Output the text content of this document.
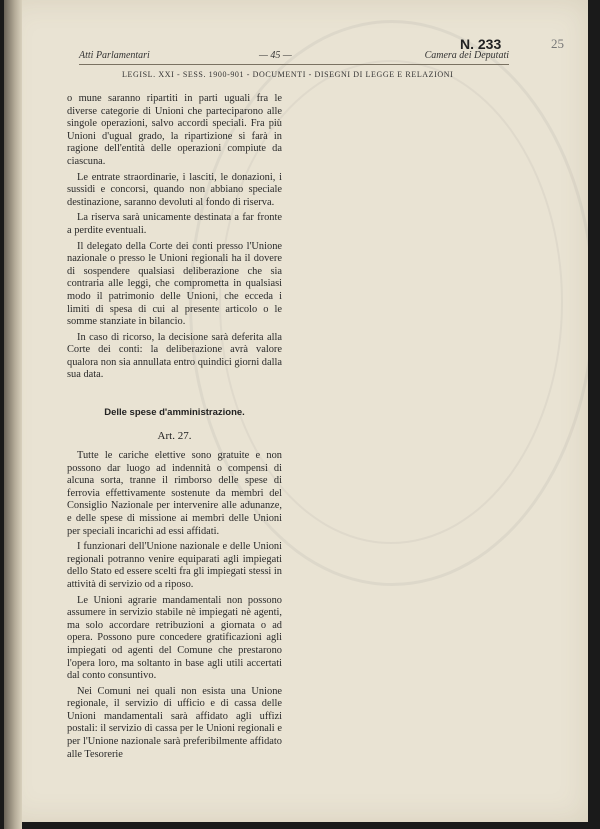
Atti Parlamentari	— 45 —	Camera dei Deputati
N. 233	25
LEGISL. XXI - SESS. 1900-901 - DOCUMENTI - DISEGNI DI LEGGE E RELAZIONI

o mune saranno ripartiti in parti uguali fra le diverse categorie di Unioni che parteciparono alle singole operazioni, salvo accordi speciali. Fra più Unioni d'ugual grado, la ripartizione si farà in ragione dell'entità delle operazioni compiute da ciascuna.

Le entrate straordinarie, i lasciti, le donazioni, i sussidi e concorsi, quando non abbiano speciale destinazione, saranno devoluti al fondo di riserva.

La riserva sarà unicamente destinata a far fronte a perdite eventuali.

Il delegato della Corte dei conti presso l'Unione nazionale o presso le Unioni regionali ha il dovere di sospendere qualsiasi deliberazione che sia contraria alle leggi, che comprometta in qualsiasi modo il patrimonio delle Unioni, che ecceda i limiti di spesa di cui al presente articolo o le somme stanziate in bilancio.

In caso di ricorso, la decisione sarà deferita alla Corte dei conti: la deliberazione avrà valore qualora non sia annullata entro quindici giorni dalla sua data.

Delle spese d'amministrazione.
Art. 27.

Tutte le cariche elettive sono gratuite e non possono dar luogo ad indennità o compensi di alcuna sorta, tranne il rimborso delle spese di ferrovia effettivamente sostenute da membri del Consiglio Nazionale per intervenire alle adunanze, e delle spese di missione ai membri delle Unioni per speciali incarichi ad essi affidati.

I funzionari dell'Unione nazionale e delle Unioni regionali potranno venire equiparati agli impiegati dello Stato ed essere scelti fra gli impiegati stessi in attività di servizio od a riposo.

Le Unioni agrarie mandamentali non possono assumere in servizio stabile nè impiegati nè agenti, ma solo accordare retribuzioni a giornata o ad opera. Possono pure concedere gratificazioni agli impiegati od agenti del Comune che prestarono l'opera loro, ma soltanto in base agli utili accertati dal conto consuntivo.

Nei Comuni nei quali non esista una Unione regionale, il servizio di ufficio e di cassa delle Unioni mandamentali sarà affidato agli uffizi postali: il servizio di cassa per le Unioni regionali e per l'Unione nazionale sarà preferibilmente affidato alle Tesorerie
